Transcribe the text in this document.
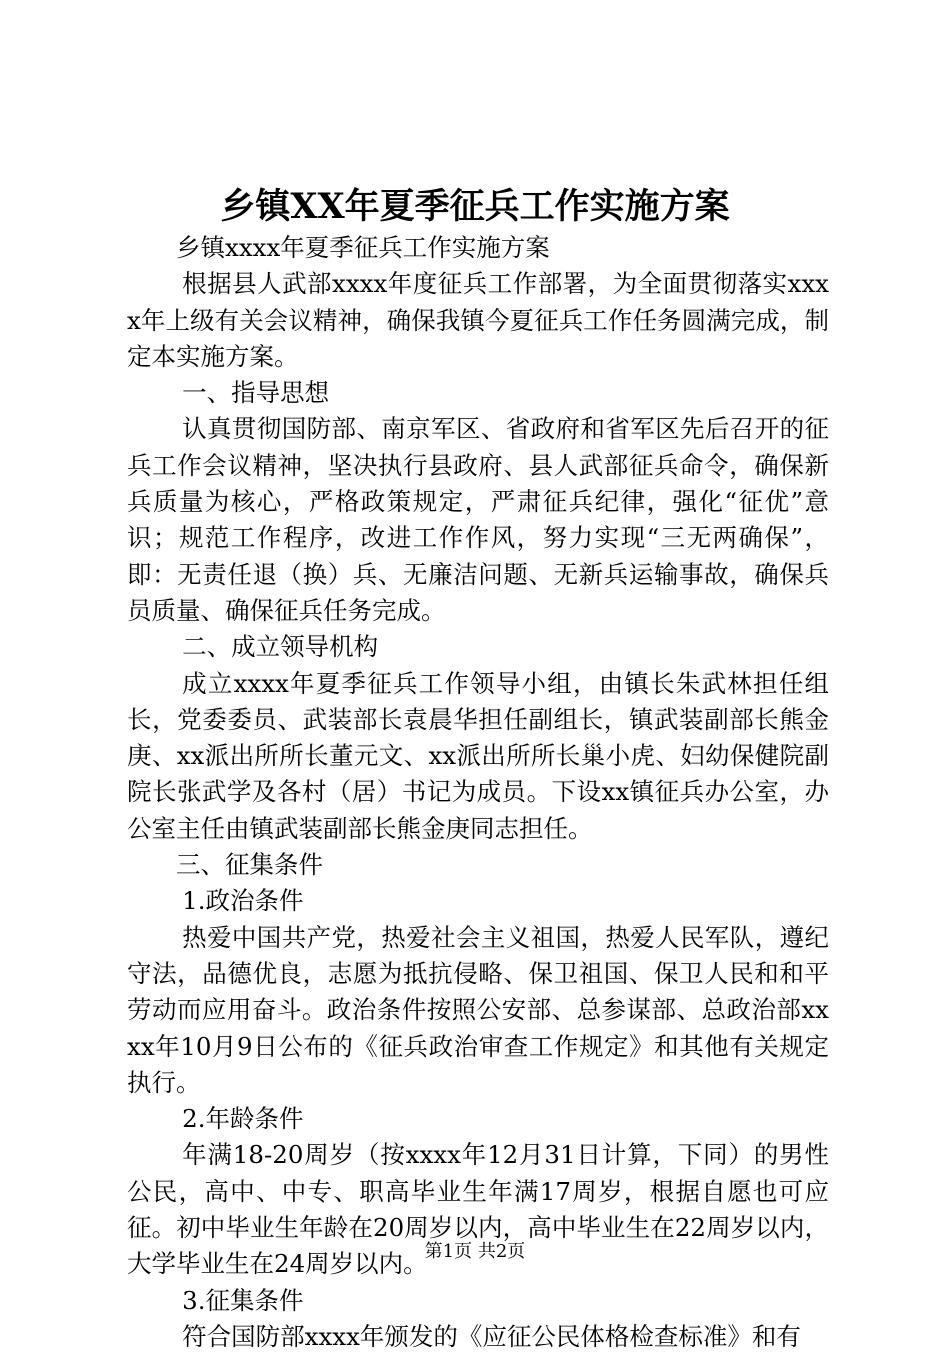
乡镇XX年夏季征兵工作实施方案

乡镇xxxx年夏季征兵工作实施方案

根据县人武部xxxx年度征兵工作部署，为全面贯彻落实xxxx年上级有关会议精神，确保我镇今夏征兵工作任务圆满完成，制定本实施方案。

一、指导思想

认真贯彻国防部、南京军区、省政府和省军区先后召开的征兵工作会议精神，坚决执行县政府、县人武部征兵命令，确保新兵质量为核心，严格政策规定，严肃征兵纪律，强化“征优”意识；规范工作程序，改进工作作风，努力实现“三无两确保”，即：无责任退（换）兵、无廉洁问题、无新兵运输事故，确保兵员质量、确保征兵任务完成。

二、成立领导机构

成立xxxx年夏季征兵工作领导小组，由镇长朱武林担任组长，党委委员、武装部长袁晨华担任副组长，镇武装副部长熊金庚、xx派出所所长董元文、xx派出所所长巢小虎、妇幼保健院副院长张武学及各村（居）书记为成员。下设xx镇征兵办公室，办公室主任由镇武装副部长熊金庚同志担任。

三、征集条件

1.政治条件

热爱中国共产党，热爱社会主义祖国，热爱人民军队，遵纪守法，品德优良，志愿为抵抗侵略、保卫祖国、保卫人民和和平劳动而应用奋斗。政治条件按照公安部、总参谋部、总政治部xxxx年10月9日公布的《征兵政治审查工作规定》和其他有关规定执行。

2.年龄条件

年满18-20周岁（按xxxx年12月31日计算，下同）的男性公民，高中、中专、职高毕业生年满17周岁，根据自愿也可应征。初中毕业生年龄在20周岁以内，高中毕业生在22周岁以内，大学毕业生在24周岁以内。

3.征集条件

符合国防部xxxx年颁发的《应征公民体格检查标准》和有

第1页 共2页
